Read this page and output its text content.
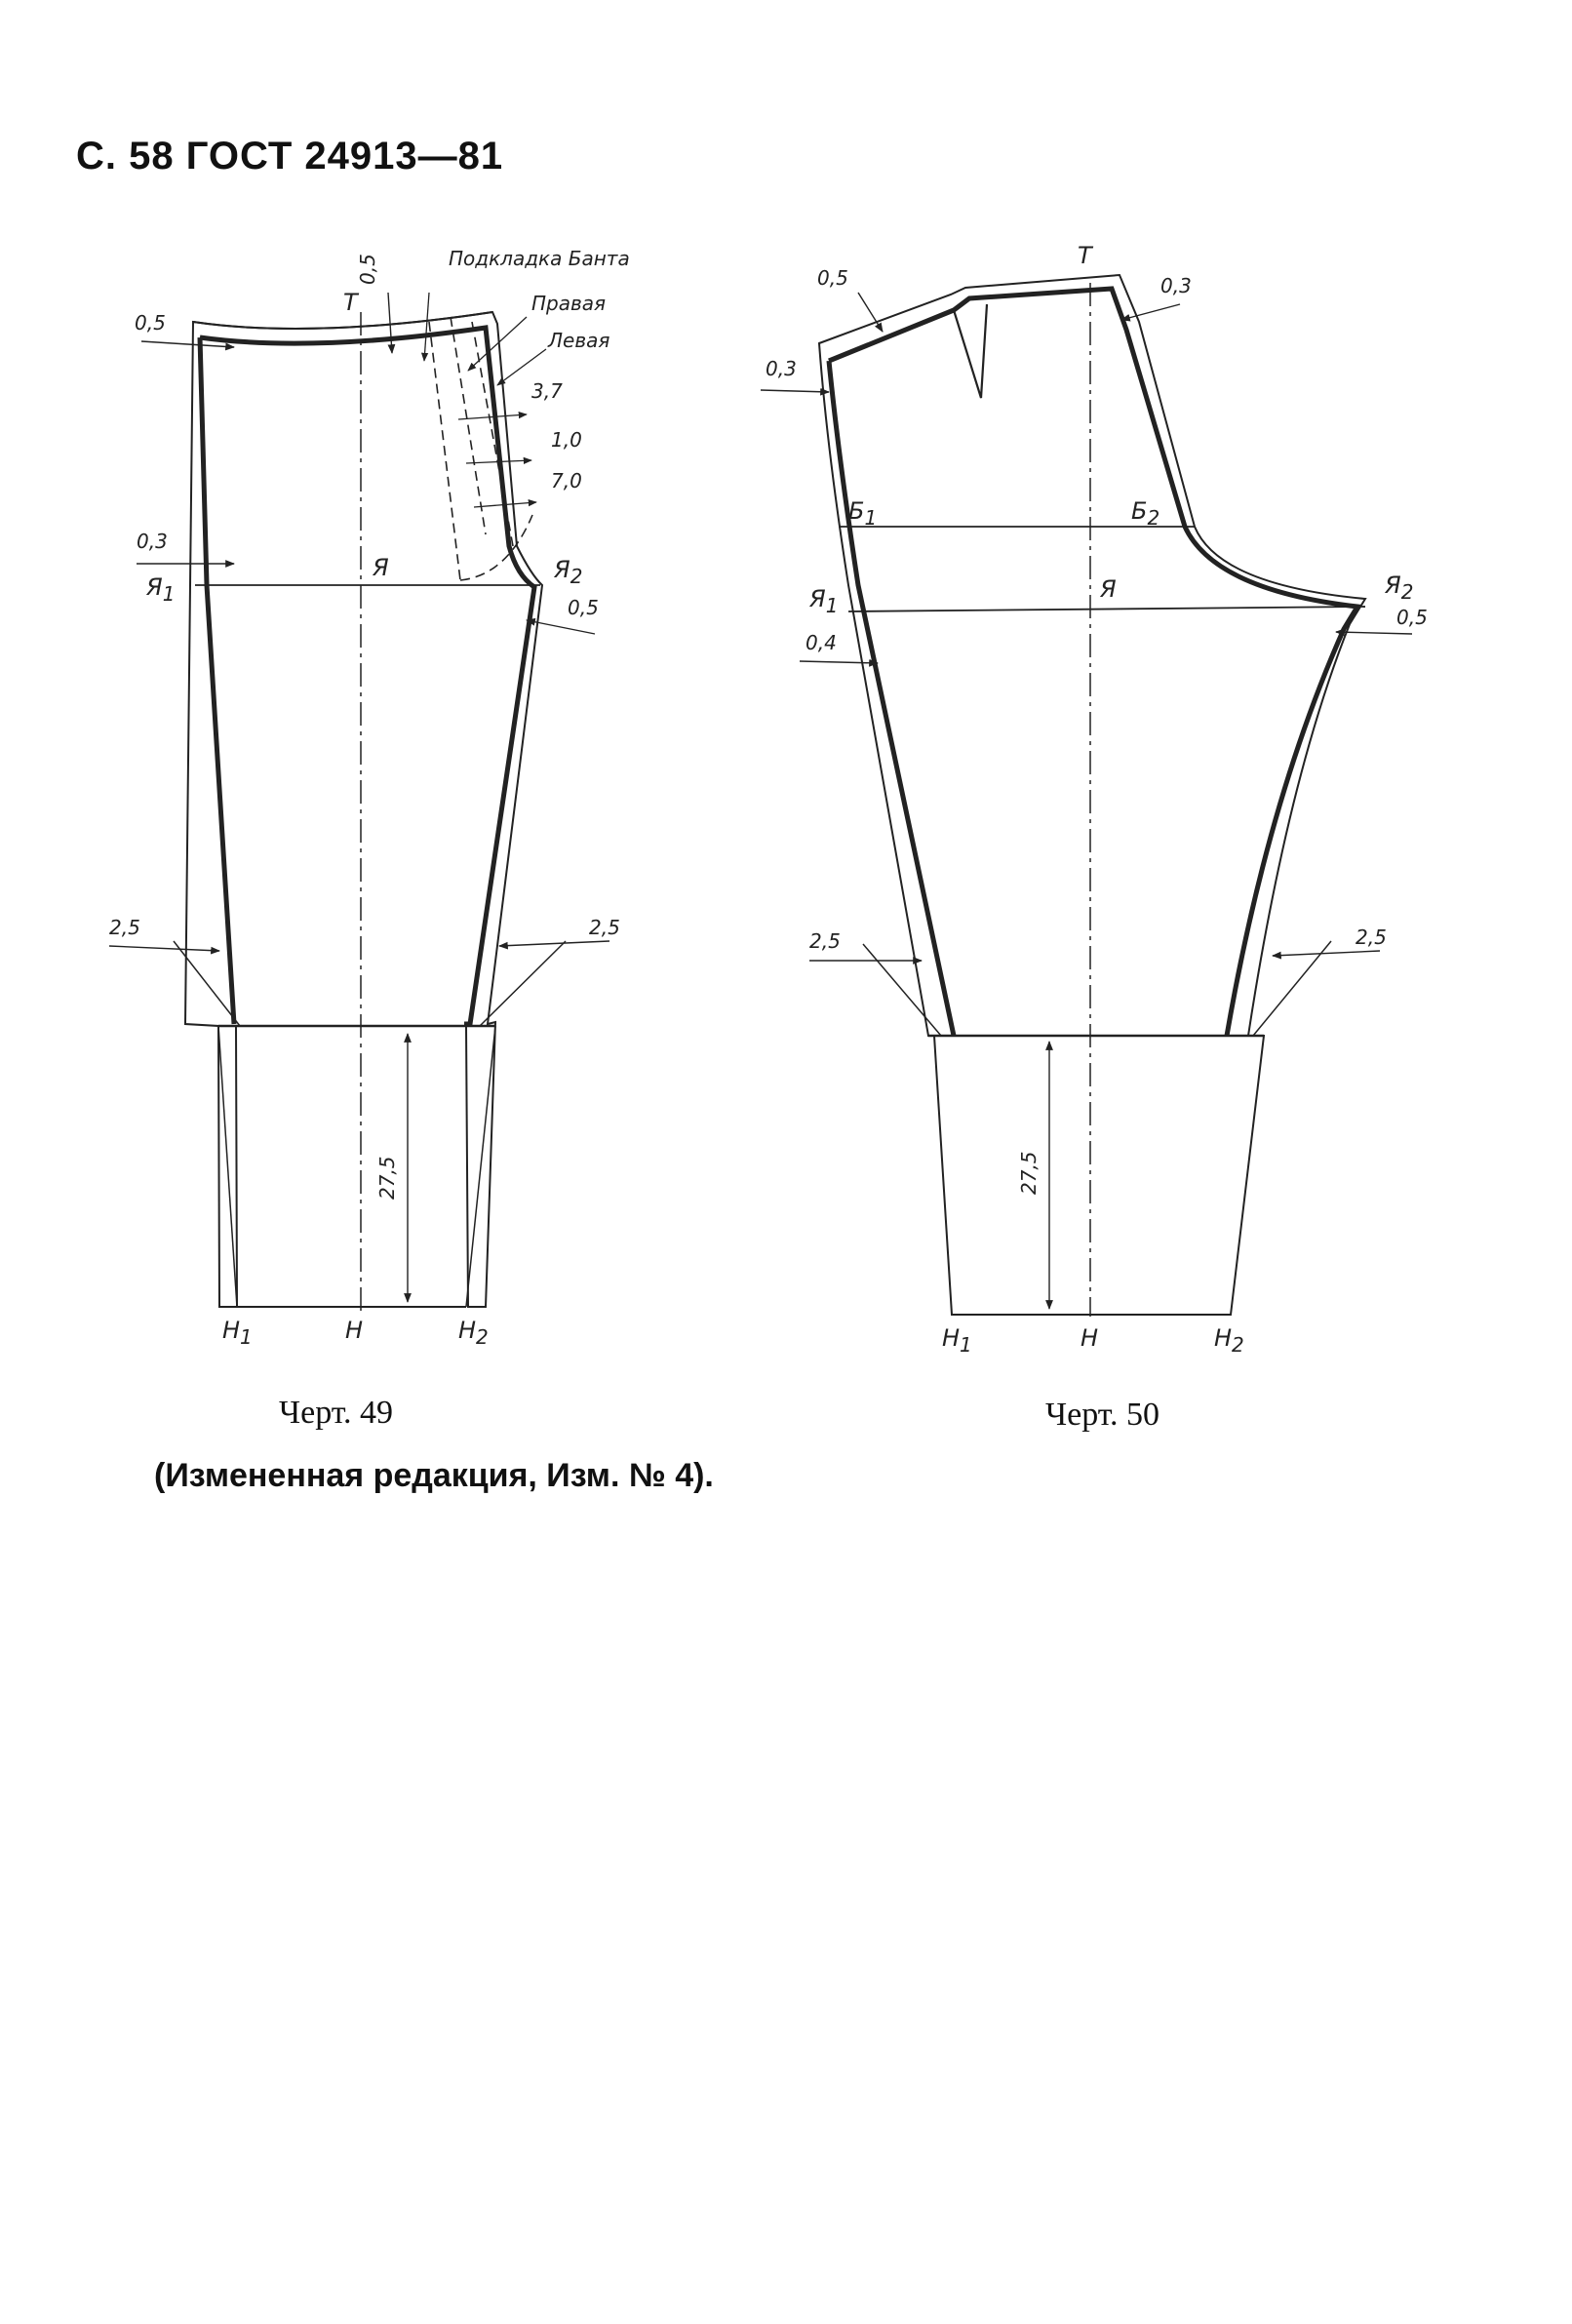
С. 58 ГОСТ 24913—81
Т
Подкладка Банта
Правая
Левая
3,7
1,0
7,0
0,5
0,5
0,3
0,5
Я
$Я_1$
$Я_2$
2,5	2,5
27,5
Н
$Н_1$	$Н_2$
Т
0,5	0,3
0,3
$Б_1$	$Б_2$
Я
$Я_1$
$Я_2$
0,4
0,5
2,5	2,5
27,5
Н
$Н_1$	$Н_2$
Черт. 49	Черт. 50
(Измененная редакция, Изм. № 4).
